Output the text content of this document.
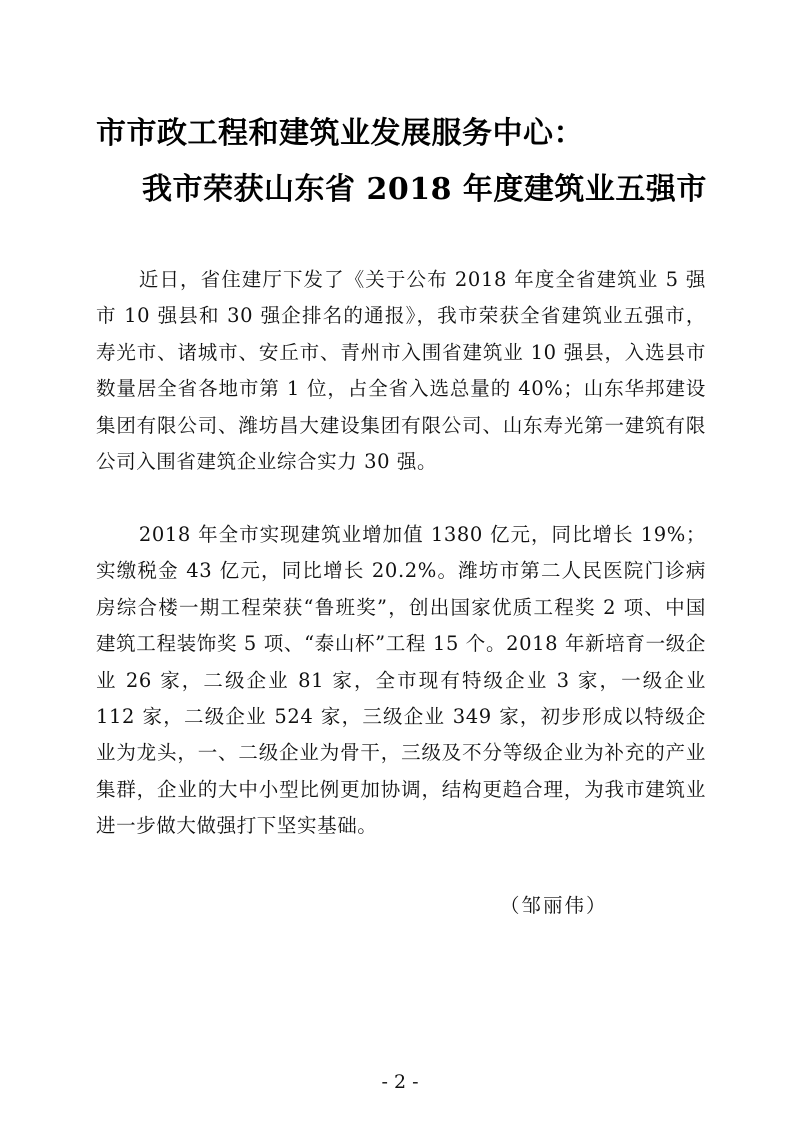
市市政工程和建筑业发展服务中心：
我市荣获山东省 2018 年度建筑业五强市

近日，省住建厅下发了《关于公布 2018 年度全省建筑业 5 强市 10 强县和 30 强企排名的通报》，我市荣获全省建筑业五强市，寿光市、诸城市、安丘市、青州市入围省建筑业 10 强县，入选县市数量居全省各地市第 1 位，占全省入选总量的 40%；山东华邦建设集团有限公司、潍坊昌大建设集团有限公司、山东寿光第一建筑有限公司入围省建筑企业综合实力 30 强。

2018 年全市实现建筑业增加值 1380 亿元，同比增长 19%；实缴税金 43 亿元，同比增长 20.2%。潍坊市第二人民医院门诊病房综合楼一期工程荣获“鲁班奖”，创出国家优质工程奖 2 项、中国建筑工程装饰奖 5 项、“泰山杯”工程 15 个。2018 年新培育一级企业 26 家，二级企业 81 家，全市现有特级企业 3 家，一级企业 112 家，二级企业 524 家，三级企业 349 家，初步形成以特级企业为龙头，一、二级企业为骨干，三级及不分等级企业为补充的产业集群，企业的大中小型比例更加协调，结构更趋合理，为我市建筑业进一步做大做强打下坚实基础。

（邹丽伟）
- 2 -
